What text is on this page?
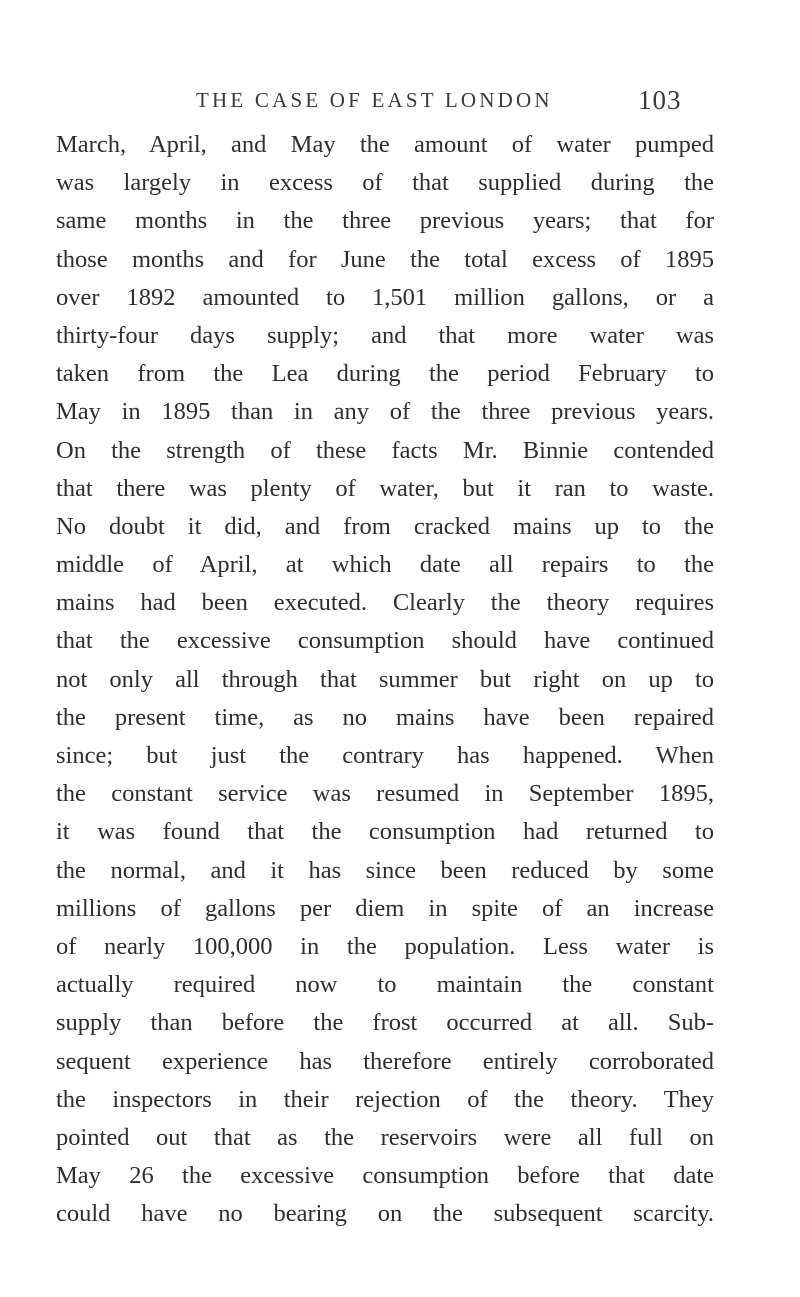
THE CASE OF EAST LONDON	103
March, April, and May the amount of water pumped
was largely in excess of that supplied during the
same months in the three previous years; that for
those months and for June the total excess of 1895
over 1892 amounted to 1,501 million gallons, or a
thirty-four days supply; and that more water was
taken from the Lea during the period February to
May in 1895 than in any of the three previous years.
On the strength of these facts Mr. Binnie contended
that there was plenty of water, but it ran to waste.
No doubt it did, and from cracked mains up to the
middle of April, at which date all repairs to the
mains had been executed. Clearly the theory requires
that the excessive consumption should have continued
not only all through that summer but right on up to
the present time, as no mains have been repaired
since; but just the contrary has happened. When
the constant service was resumed in September 1895,
it was found that the consumption had returned to
the normal, and it has since been reduced by some
millions of gallons per diem in spite of an increase
of nearly 100,000 in the population. Less water is
actually required now to maintain the constant
supply than before the frost occurred at all. Sub-
sequent experience has therefore entirely corroborated
the inspectors in their rejection of the theory. They
pointed out that as the reservoirs were all full on
May 26 the excessive consumption before that date
could have no bearing on the subsequent scarcity.
